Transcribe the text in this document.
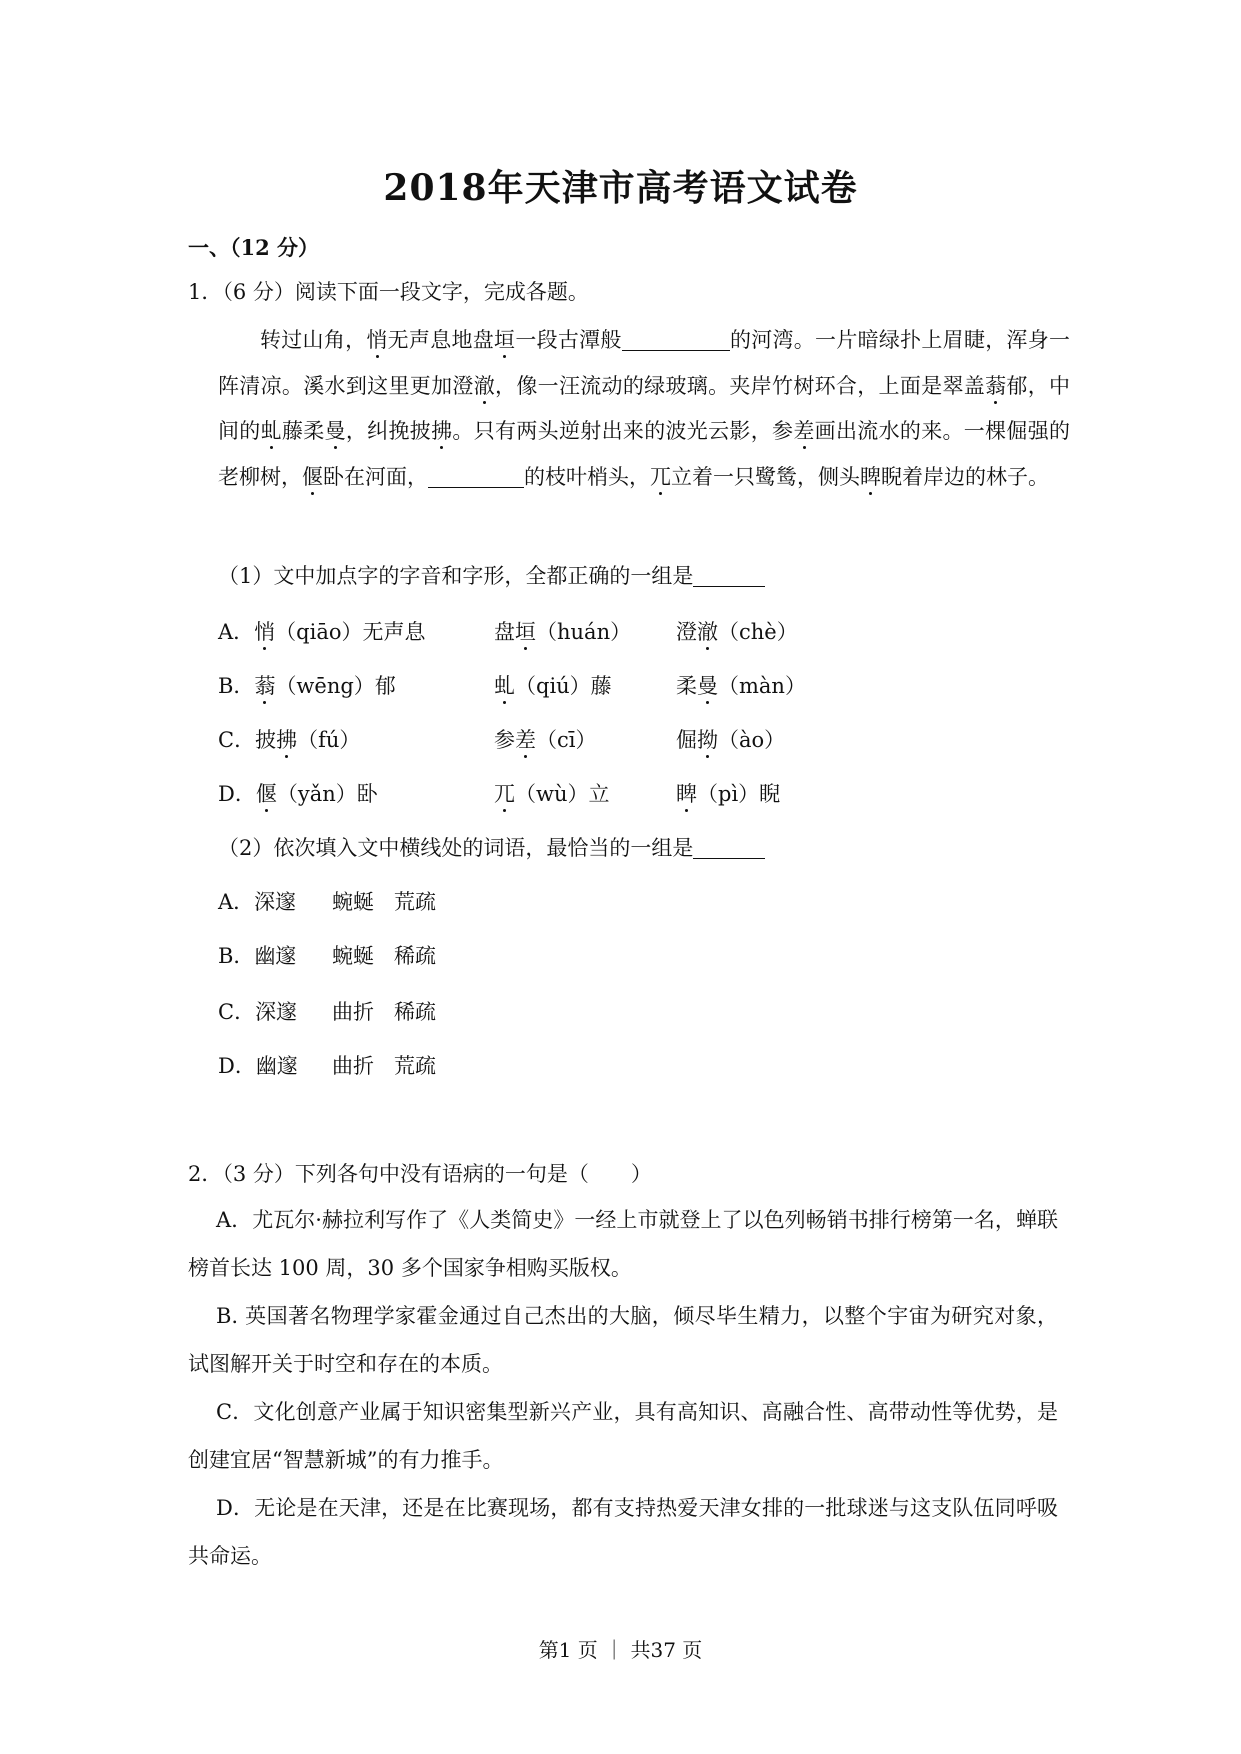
2018年天津市高考语文试卷
一、（12 分）
1．（6 分）阅读下面一段文字，完成各题。
转过山角，悄无声息地盘垣一段古潭般	的河湾。一片暗绿扑上眉睫，浑身一阵清凉。溪水到这里更加澄澈，像一汪流动的绿玻璃。夹岸竹树环合，上面是翠盖蓊郁，中间的虬藤柔曼，纠挽披拂。只有两头逆射出来的波光云影，参差画出流水的来。一棵倔强的老柳树，偃卧在河面，	的枝叶梢头，兀立着一只鹭鸶，侧头睥睨着岸边的林子。
（1）文中加点字的字音和字形，全都正确的一组是
A．悄（qiāo）无声息	盘垣（huán） 澄澈（chè）
B．蓊（wēng）郁	虬（qiú）藤	柔曼（màn）
C．披拂（fú）	参差（cī）	倔拗（ào）
D．偃（yǎn）卧	兀（wù）立	睥（pì）睨
（2）依次填入文中横线处的词语，最恰当的一组是
A．深邃 蜿蜒 荒疏
B．幽邃 蜿蜒 稀疏
C．深邃 曲折 稀疏
D．幽邃 曲折 荒疏
2．（3 分）下列各句中没有语病的一句是（　　）
A．尤瓦尔·赫拉利写作了《人类简史》一经上市就登上了以色列畅销书排行榜第一名，蝉联榜首长达 100 周，30 多个国家争相购买版权。
B. 英国著名物理学家霍金通过自己杰出的大脑，倾尽毕生精力，以整个宇宙为研究对象，试图解开关于时空和存在的本质。
C．文化创意产业属于知识密集型新兴产业，具有高知识、高融合性、高带动性等优势，是创建宜居“智慧新城”的有力推手。
D．无论是在天津，还是在比赛现场，都有支持热爱天津女排的一批球迷与这支队伍同呼吸共命运。
第1 页 ｜ 共37 页
